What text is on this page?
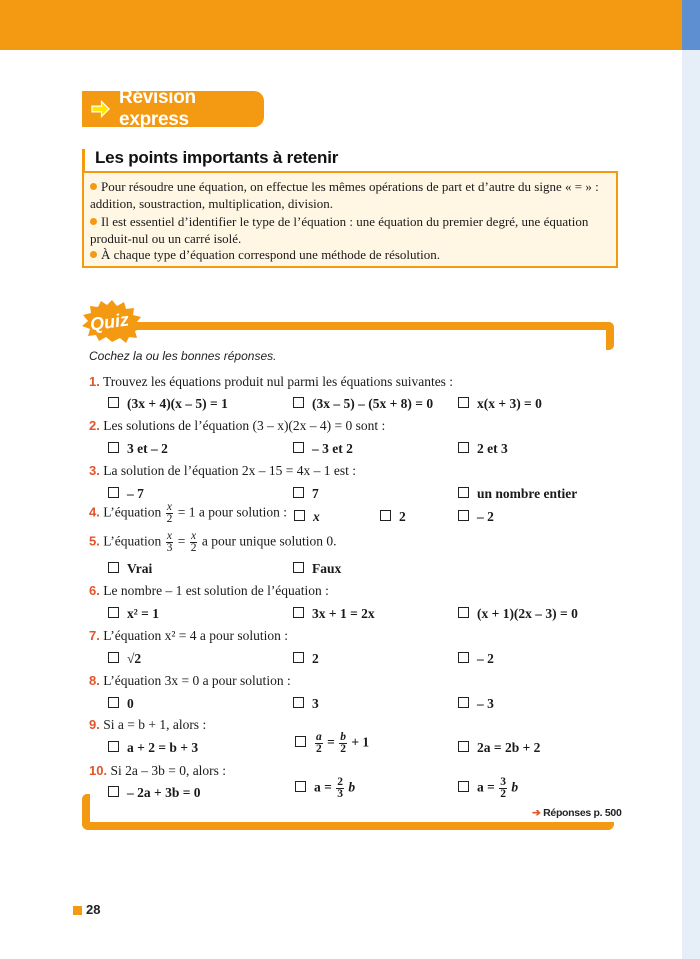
Révision express
Les points importants à retenir
Pour résoudre une équation, on effectue les mêmes opérations de part et d’autre du signe « = » :
addition, soustraction, multiplication, division.
Il est essentiel d’identifier le type de l’équation : une équation du premier degré, une équation
produit-nul ou un carré isolé.
À chaque type d’équation correspond une méthode de résolution.
Quiz
Cochez la ou les bonnes réponses.
1. Trouvez les équations produit nul parmi les équations suivantes :
(3x + 4)(x – 5) = 1	(3x – 5) – (5x + 8) = 0	x(x + 3) = 0
2. Les solutions de l’équation (3 – x)(2x – 4) = 0 sont :
3 et – 2	– 3 et 2	2 et 3
3. La solution de l’équation 2x – 15 = 4x – 1 est :
– 7	7	un nombre entier
4. L’équation $\frac{x}{2} = 1$ a pour solution :	x	2	– 2
5. L’équation $\frac{x}{3} = \frac{x}{2}$ a pour unique solution 0.
Vrai	Faux
6. Le nombre – 1 est solution de l’équation :
x² = 1	3x + 1 = 2x	(x + 1)(2x – 3) = 0
7. L’équation x² = 4 a pour solution :
√2	2	– 2
8. L’équation 3x = 0 a pour solution :
0	3	– 3
9. Si a = b + 1, alors :
a + 2 = b + 3	$\frac{a}{2} = \frac{b}{2} + 1$	2a = 2b + 2
10. Si 2a – 3b = 0, alors :
– 2a + 3b = 0	$a = \frac{2}{3}$ b	$a = \frac{3}{2}$ b
➔ Réponses p. 500
28
